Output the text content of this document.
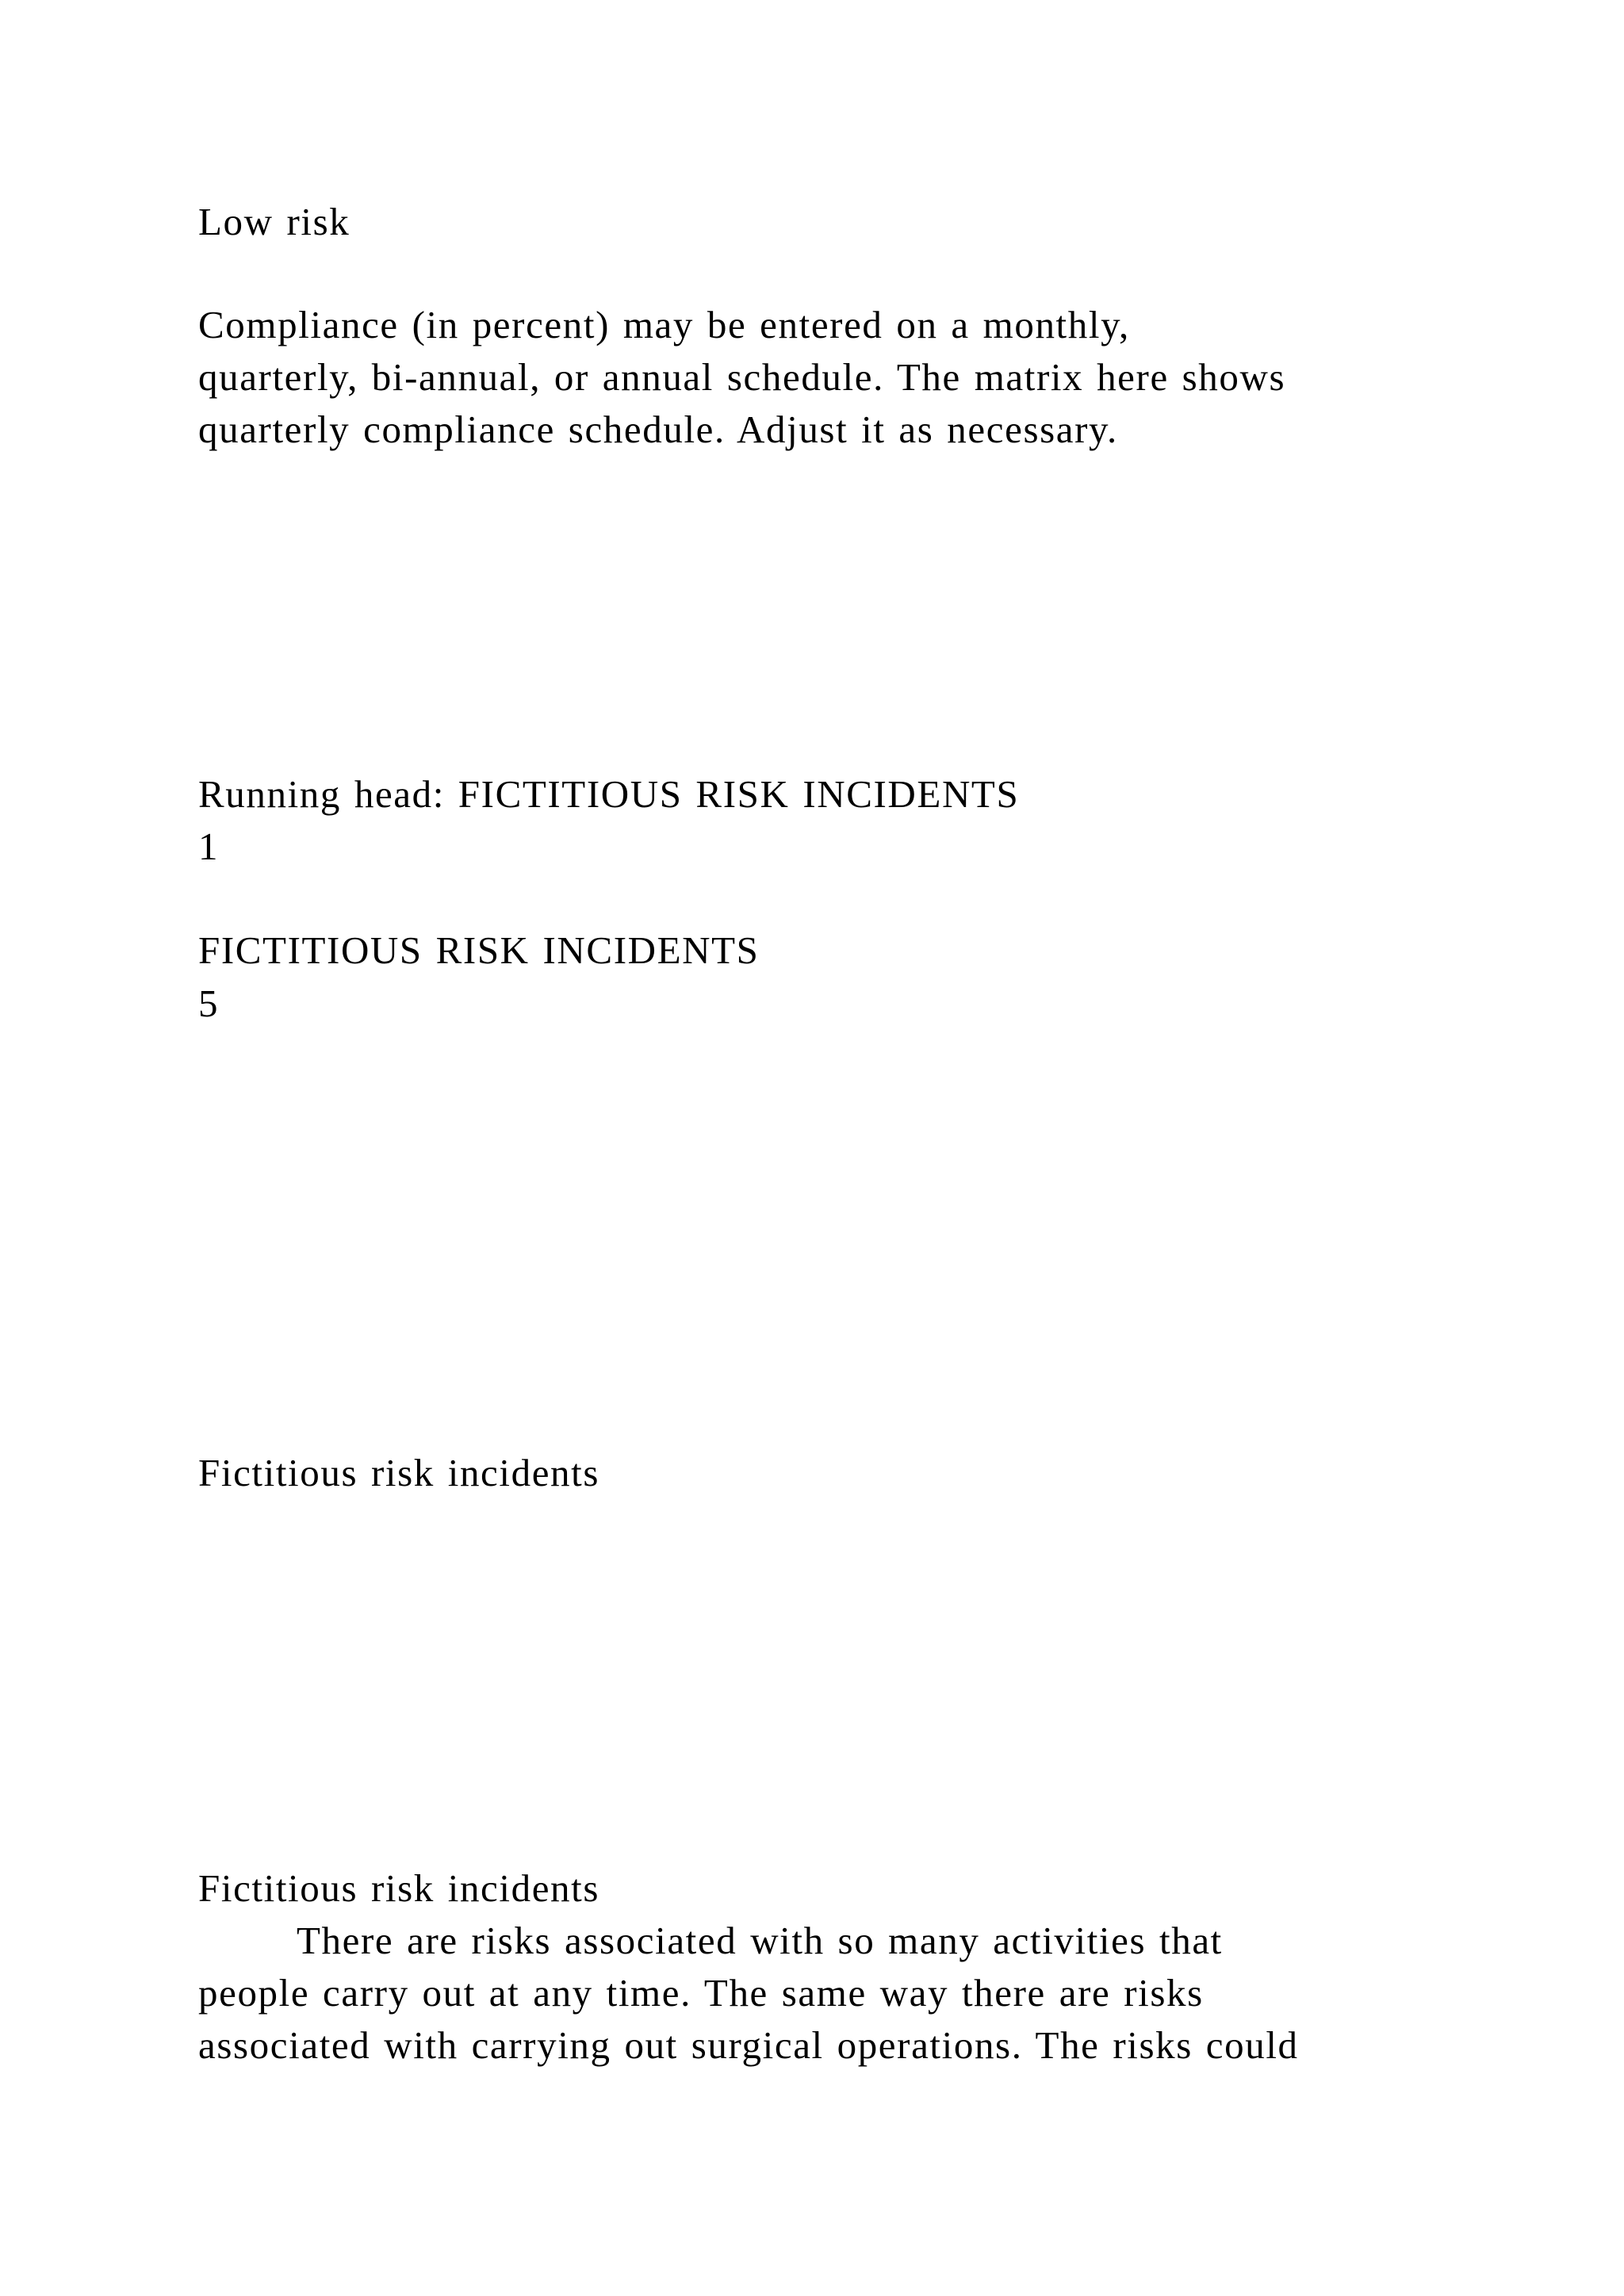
Low risk

Compliance (in percent) may be entered on a monthly,

quarterly, bi-annual, or annual schedule. The matrix here shows

quarterly compliance schedule. Adjust it as necessary.

Running head: FICTITIOUS RISK INCIDENTS

1

FICTITIOUS RISK INCIDENTS

5

Fictitious risk incidents

Fictitious risk incidents

There are risks associated with so many activities that

people carry out at any time. The same way there are risks

associated with carrying out surgical operations. The risks could
